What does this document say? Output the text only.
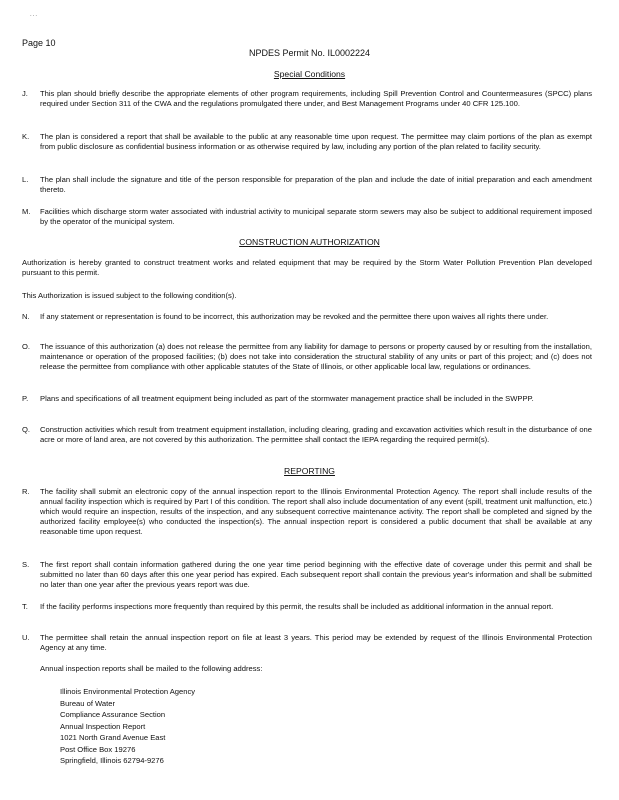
...
Page 10
NPDES Permit No. IL0002224
Special Conditions
J.	This plan should briefly describe the appropriate elements of other program requirements, including Spill Prevention Control and Countermeasures (SPCC) plans required under Section 311 of the CWA and the regulations promulgated there under, and Best Management Programs under 40 CFR 125.100.
K.	The plan is considered a report that shall be available to the public at any reasonable time upon request. The permittee may claim portions of the plan as exempt from public disclosure as confidential business information or as otherwise required by law, including any portion of the plan related to facility security.
L.	The plan shall include the signature and title of the person responsible for preparation of the plan and include the date of initial preparation and each amendment thereto.
M.	Facilities which discharge storm water associated with industrial activity to municipal separate storm sewers may also be subject to additional requirement imposed by the operator of the municipal system.
CONSTRUCTION AUTHORIZATION
Authorization is hereby granted to construct treatment works and related equipment that may be required by the Storm Water Pollution Prevention Plan developed pursuant to this permit.
This Authorization is issued subject to the following condition(s).
N.	If any statement or representation is found to be incorrect, this authorization may be revoked and the permittee there upon waives all rights there under.
O.	The issuance of this authorization (a) does not release the permittee from any liability for damage to persons or property caused by or resulting from the installation, maintenance or operation of the proposed facilities; (b) does not take into consideration the structural stability of any units or part of this project; and (c) does not release the permittee from compliance with other applicable statutes of the State of Illinois, or other applicable local law, regulations or ordinances.
P.	Plans and specifications of all treatment equipment being included as part of the stormwater management practice shall be included in the SWPPP.
Q.	Construction activities which result from treatment equipment installation, including clearing, grading and excavation activities which result in the disturbance of one acre or more of land area, are not covered by this authorization. The permittee shall contact the IEPA regarding the required permit(s).
REPORTING
R.	The facility shall submit an electronic copy of the annual inspection report to the Illinois Environmental Protection Agency. The report shall include results of the annual facility inspection which is required by Part I of this condition. The report shall also include documentation of any event (spill, treatment unit malfunction, etc.) which would require an inspection, results of the inspection, and any subsequent corrective maintenance activity. The report shall be completed and signed by the authorized facility employee(s) who conducted the inspection(s). The annual inspection report is considered a public document that shall be available at any reasonable time upon request.
S.	The first report shall contain information gathered during the one year time period beginning with the effective date of coverage under this permit and shall be submitted no later than 60 days after this one year period has expired. Each subsequent report shall contain the previous year's information and shall be submitted no later than one year after the previous years report was due.
T.	If the facility performs inspections more frequently than required by this permit, the results shall be included as additional information in the annual report.
U.	The permittee shall retain the annual inspection report on file at least 3 years. This period may be extended by request of the Illinois Environmental Protection Agency at any time.
Annual inspection reports shall be mailed to the following address:
Illinois Environmental Protection Agency
Bureau of Water
Compliance Assurance Section
Annual Inspection Report
1021 North Grand Avenue East
Post Office Box 19276
Springfield, Illinois 62794-9276
